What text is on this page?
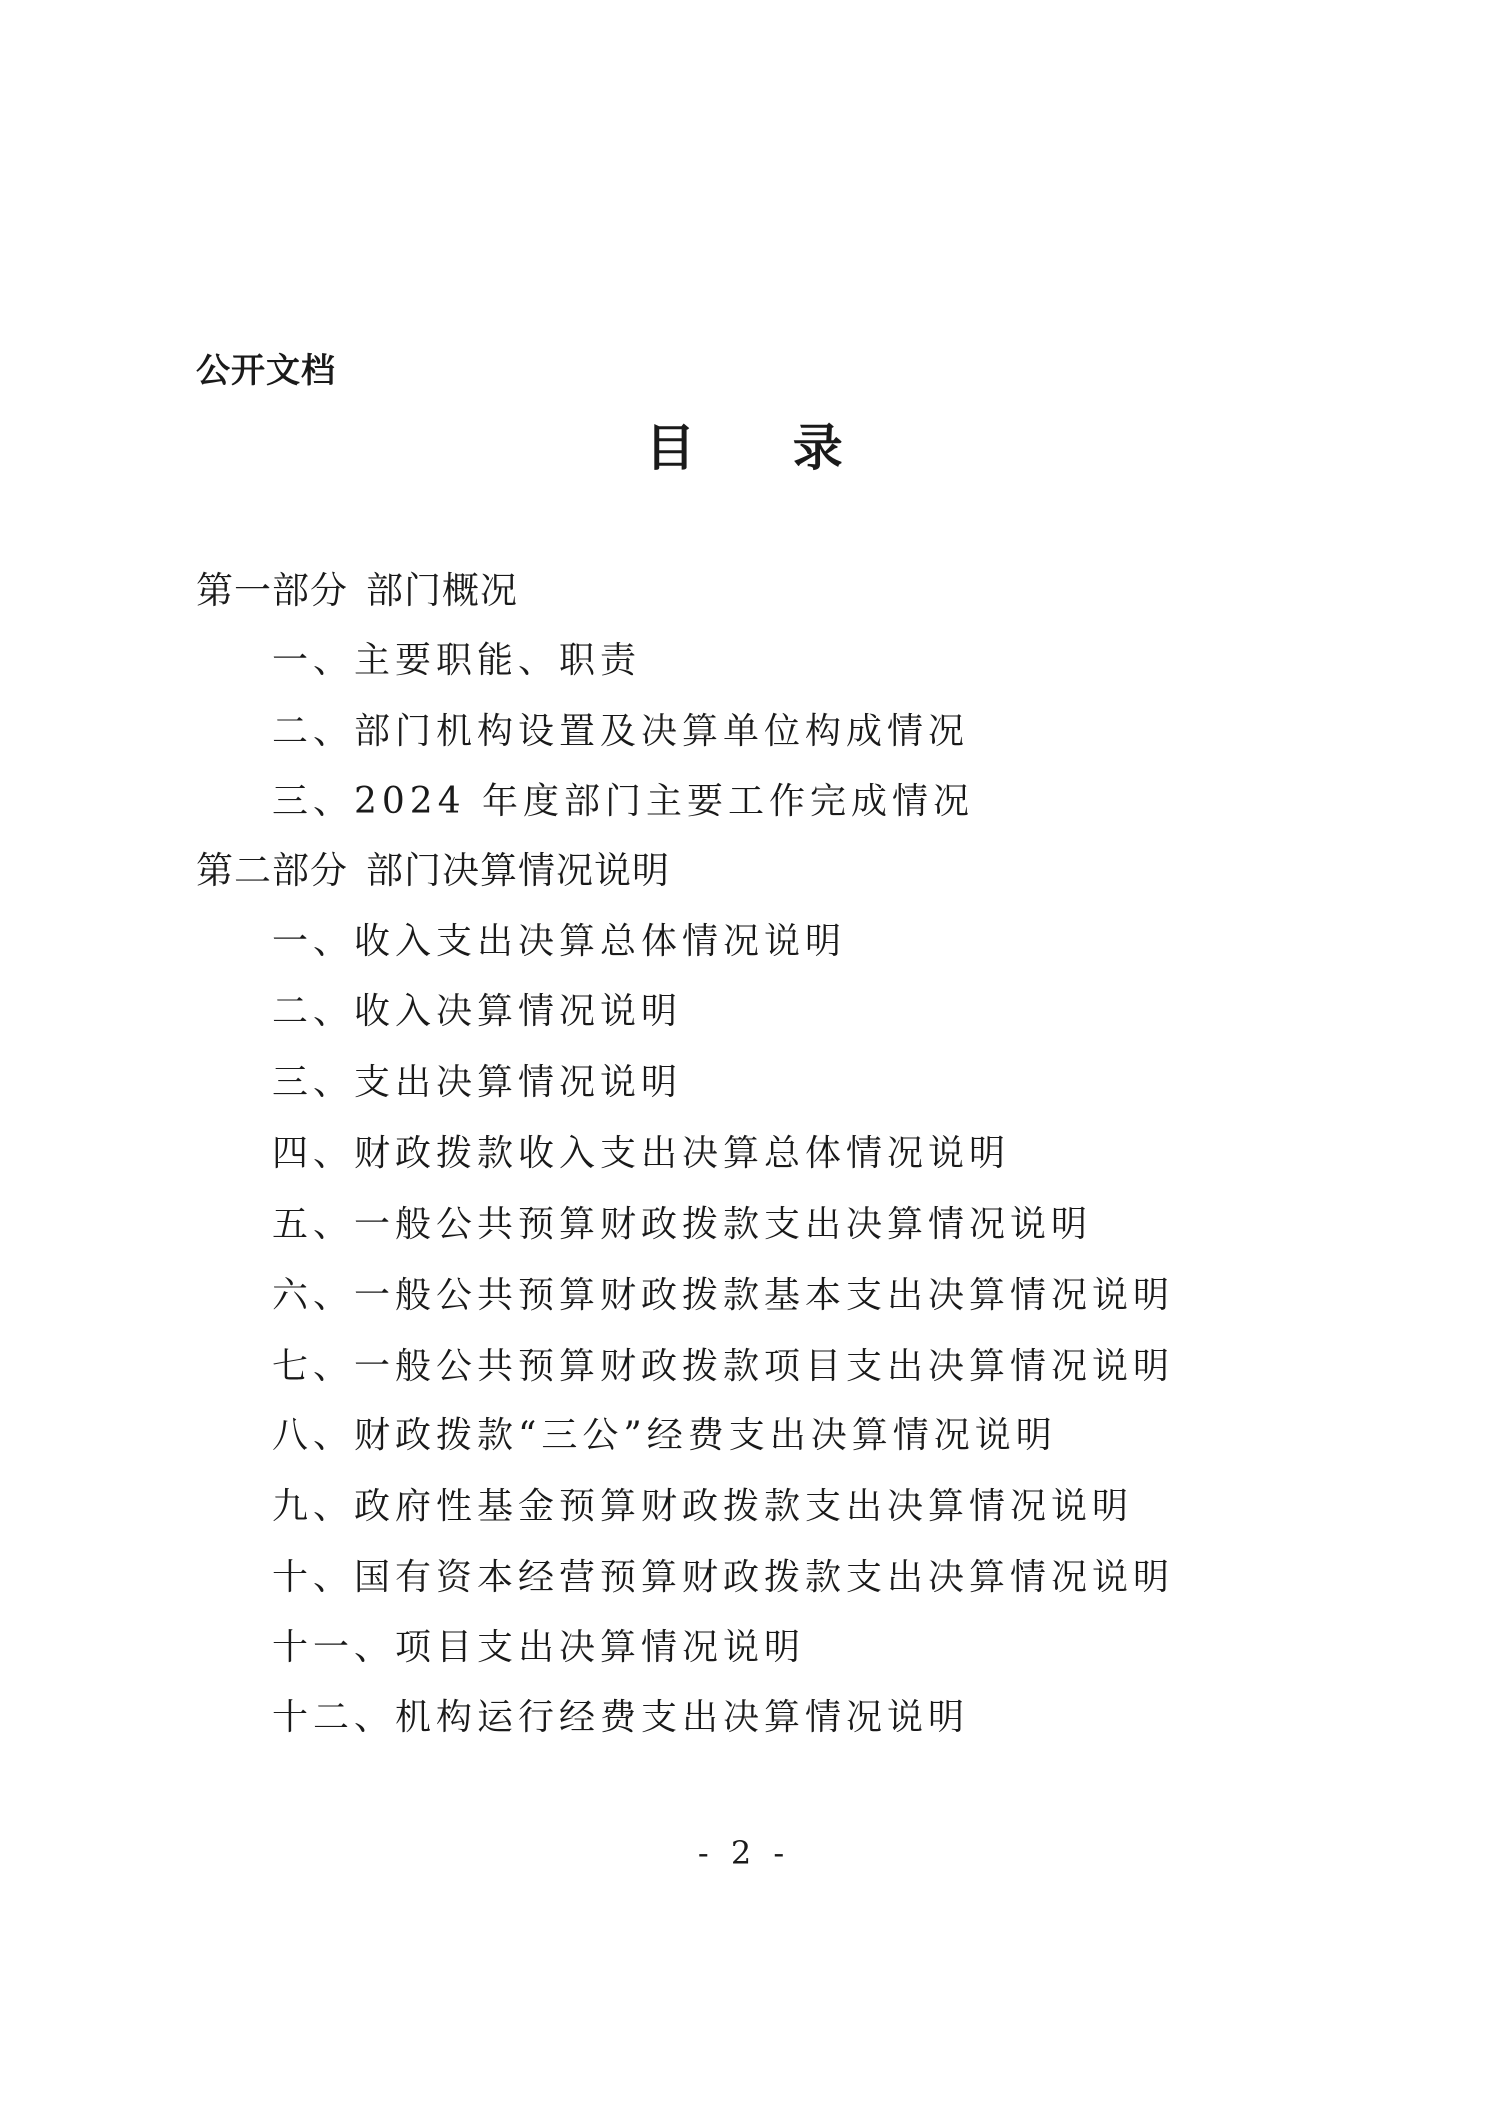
公开文档
目 录
第一部分 部门概况
一、主要职能、职责
二、部门机构设置及决算单位构成情况
三、2024 年度部门主要工作完成情况
第二部分 部门决算情况说明
一、收入支出决算总体情况说明
二、收入决算情况说明
三、支出决算情况说明
四、财政拨款收入支出决算总体情况说明
五、一般公共预算财政拨款支出决算情况说明
六、一般公共预算财政拨款基本支出决算情况说明
七、一般公共预算财政拨款项目支出决算情况说明
八、财政拨款“三公”经费支出决算情况说明
九、政府性基金预算财政拨款支出决算情况说明
十、国有资本经营预算财政拨款支出决算情况说明
十一、项目支出决算情况说明
十二、机构运行经费支出决算情况说明
- 2 -
